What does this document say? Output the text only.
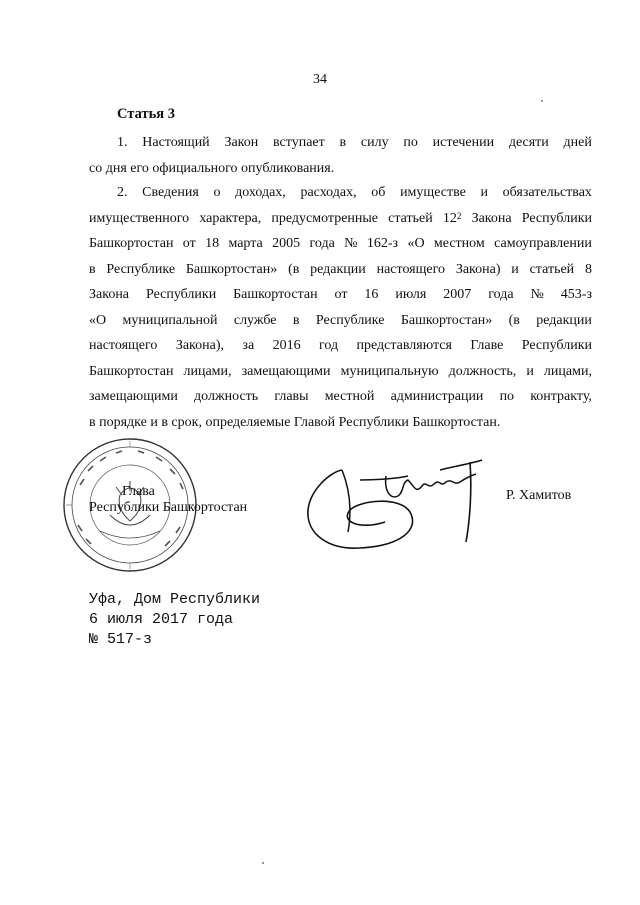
34
Статья 3
1. Настоящий Закон вступает в силу по истечении десяти дней
со дня его официального опубликования.
2. Сведения о доходах, расходах, об имуществе и обязательствах
имущественного характера, предусмотренные статьей $12^2$ Закона Республики
Башкортостан от 18 марта 2005 года № 162-з «О местном самоуправлении
в Республике Башкортостан» (в редакции настоящего Закона) и статьей 8
Закона Республики Башкортостан от 16 июля 2007 года № 453-з
«О муниципальной службе в Республике Башкортостан» (в редакции
настоящего Закона), за 2016 год представляются Главе Республики
Башкортостан лицами, замещающими муниципальную должность, и лицами,
замещающими должность главы местной администрации по контракту,
в порядке и в срок, определяемые Главой Республики Башкортостан.
Глава
Республики Башкортостан
Р. Хамитов
Уфа, Дом Республики
6 июля 2017 года
№ 517-з
